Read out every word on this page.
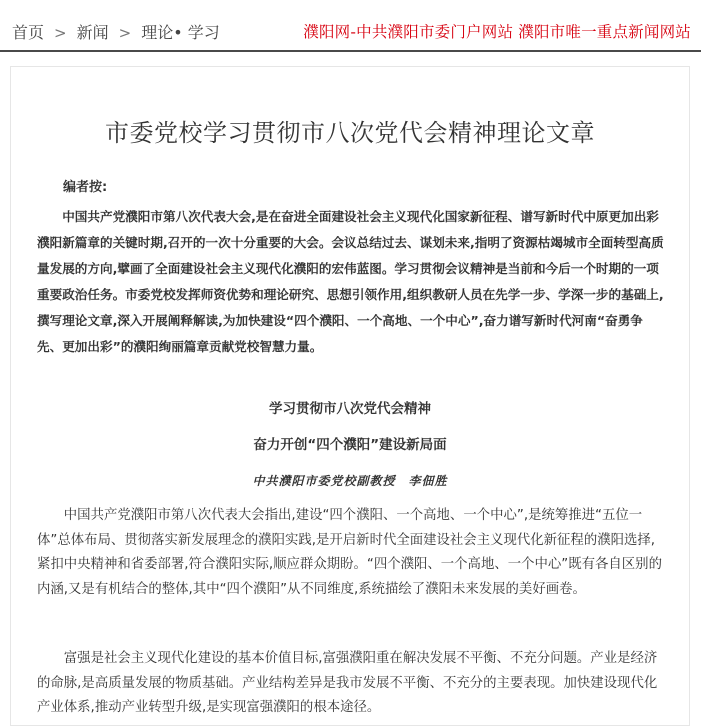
首页 > 新闻 > 理论• 学习	濮阳网-中共濮阳市委门户网站 濮阳市唯一重点新闻网站
市委党校学习贯彻市八次党代会精神理论文章
编者按:

中国共产党濮阳市第八次代表大会,是在奋进全面建设社会主义现代化国家新征程、谱写新时代中原更加出彩濮阳新篇章的关键时期,召开的一次十分重要的大会。会议总结过去、谋划未来,指明了资源枯竭城市全面转型高质量发展的方向,擘画了全面建设社会主义现代化濮阳的宏伟蓝图。学习贯彻会议精神是当前和今后一个时期的一项重要政治任务。市委党校发挥师资优势和理论研究、思想引领作用,组织教研人员在先学一步、学深一步的基础上,撰写理论文章,深入开展阐释解读,为加快建设“四个濮阳、一个高地、一个中心”,奋力谱写新时代河南“奋勇争先、更加出彩”的濮阳绚丽篇章贡献党校智慧力量。

学习贯彻市八次党代会精神
奋力开创“四个濮阳”建设新局面
中共濮阳市委党校副教授　李佃胜

中国共产党濮阳市第八次代表大会指出,建设“四个濮阳、一个高地、一个中心”,是统筹推进“五位一体”总体布局、贯彻落实新发展理念的濮阳实践,是开启新时代全面建设社会主义现代化新征程的濮阳选择,紧扣中央精神和省委部署,符合濮阳实际,顺应群众期盼。“四个濮阳、一个高地、一个中心”既有各自区别的内涵,又是有机结合的整体,其中“四个濮阳”从不同维度,系统描绘了濮阳未来发展的美好画卷。

富强是社会主义现代化建设的基本价值目标,富强濮阳重在解决发展不平衡、不充分问题。产业是经济的命脉,是高质量发展的物质基础。产业结构差异是我市发展不平衡、不充分的主要表现。加快建设现代化产业体系,推动产业转型升级,是实现富强濮阳的根本途径。
